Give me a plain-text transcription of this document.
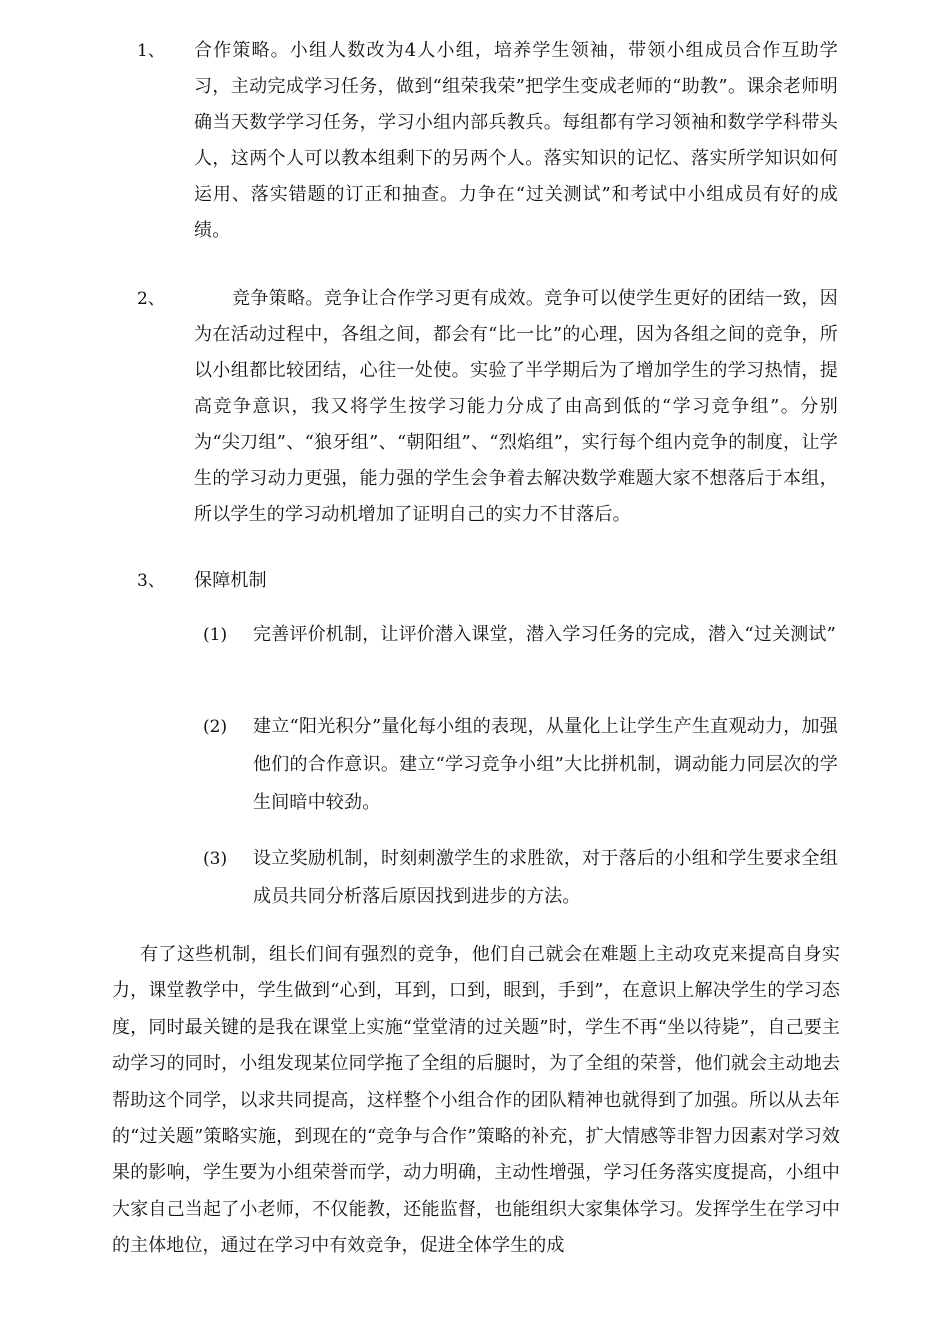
1、 合作策略。小组人数改为4人小组，培养学生领袖，带领小组成员合作互助学习，主动完成学习任务，做到“组荣我荣”把学生变成老师的“助教”。课余老师明确当天数学学习任务，学习小组内部兵教兵。每组都有学习领袖和数学学科带头人，这两个人可以教本组剩下的另两个人。落实知识的记忆、落实所学知识如何运用、落实错题的订正和抽查。力争在“过关测试”和考试中小组成员有好的成绩。
2、	竞争策略。竞争让合作学习更有成效。竞争可以使学生更好的团结一致，因为在活动过程中，各组之间，都会有“比一比”的心理，因为各组之间的竞争，所以小组都比较团结，心往一处使。实验了半学期后为了增加学生的学习热情，提高竞争意识，我又将学生按学习能力分成了由高到低的“学习竞争组”。分别为“尖刀组”、“狼牙组”、“朝阳组”、“烈焰组”，实行每个组内竞争的制度，让学生的学习动力更强，能力强的学生会争着去解决数学难题大家不想落后于本组，所以学生的学习动机增加了证明自己的实力不甘落后。
3、 保障机制
(1) 完善评价机制，让评价潜入课堂，潜入学习任务的完成，潜入“过关测试”
(2) 建立“阳光积分”量化每小组的表现，从量化上让学生产生直观动力，加强他们的合作意识。建立“学习竞争小组”大比拼机制，调动能力同层次的学生间暗中较劲。
(3) 设立奖励机制，时刻刺激学生的求胜欲，对于落后的小组和学生要求全组成员共同分析落后原因找到进步的方法。
有了这些机制，组长们间有强烈的竞争，他们自己就会在难题上主动攻克来提高自身实力，课堂教学中，学生做到“心到，耳到，口到，眼到，手到”，在意识上解决学生的学习态度，同时最关键的是我在课堂上实施“堂堂清的过关题”时，学生不再“坐以待毙”，自己要主动学习的同时，小组发现某位同学拖了全组的后腿时，为了全组的荣誉，他们就会主动地去帮助这个同学，以求共同提高，这样整个小组合作的团队精神也就得到了加强。所以从去年的“过关题”策略实施，到现在的“竞争与合作”策略的补充，扩大情感等非智力因素对学习效果的影响，学生要为小组荣誉而学，动力明确，主动性增强，学习任务落实度提高，小组中大家自己当起了小老师，不仅能教，还能监督，也能组织大家集体学习。发挥学生在学习中的主体地位，通过在学习中有效竞争，促进全体学生的成
